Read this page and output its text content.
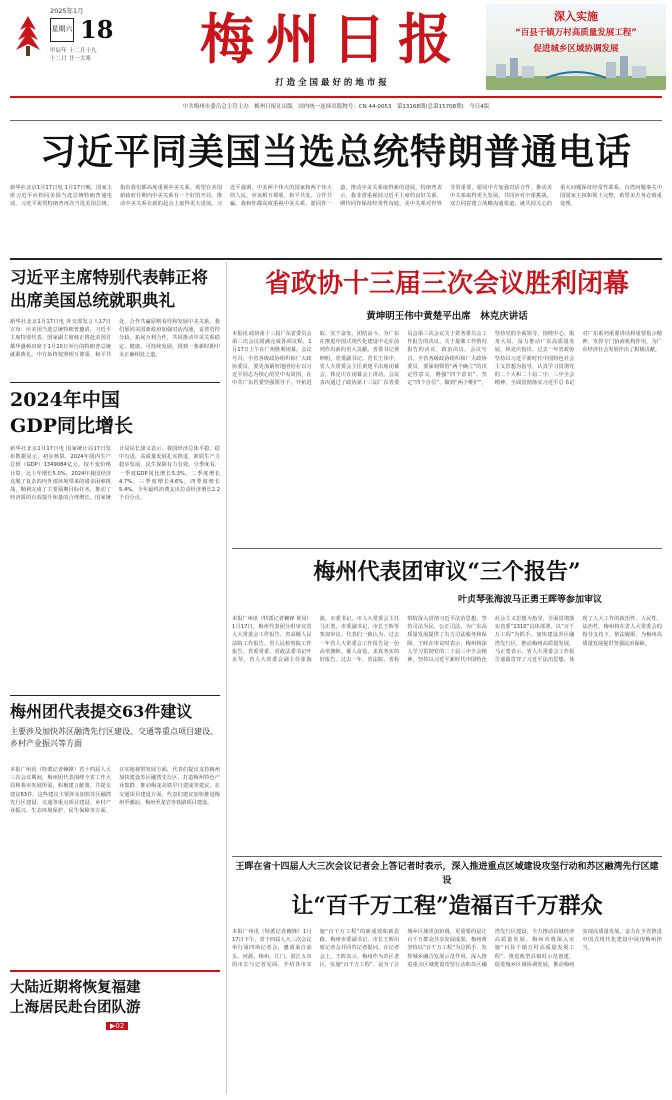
2025年1月
星期六 18
甲辰年 十二月十九
十二月 廿一大寒	梅州日报
打 造 全 国 最 好 的 地 市 报
深入实施
“百县千镇万村高质量发展工程”
促进城乡区域协调发展
中共梅州市委员会主管主办　梅州日报社出版　国内统一连续出版物号：CN 44-0053　第13168期(总第15708期)　今日4版
习近平同美国当选总统特朗普通电话
新华社北京1月17日电 1月17日晚，国家主席习近平应约同美国当选总统特朗普通电话。习近平祝贺特朗普再次当选美国总统。指出我们都高度重视中美关系，希望在美国新政府任期内中美关系有一个好的开局，推动中美关系在新的起点上取得更大进展。习近平强调，中美两个伟大的国家和两个伟大的人民，应该相互尊重、和平共处、合作共赢。我和你都高度重视中美关系，愿同你一道，推动中美关系取得新的进展。特朗普表示，我非常重视同习近平主席的良好关系，期待同你保持经常性沟通，美中关系对世界非常重要，愿同中方加强对话合作，推动美中关系取得更大发展，共同应对全球挑战。双方同意建立战略沟通渠道，就共同关心的重大问题保持经常性联系。台湾问题事关中国国家主权和领土完整，希望美方务必慎重处理。
习近平主席特别代表韩正将出席美国总统就职典礼
新华社北京1月17日电 外交部发言人17日宣布：应美国当选总统特朗普邀请，习近平主席特别代表、国家副主席韩正将赴美国首都华盛顿出席于1月20日举行的特朗普总统就职典礼。中方始终按照相互尊重、和平共处、合作共赢原则看待和发展中美关系。我们愿同美国新政府加强对话沟通，妥善管控分歧，拓展互利合作，共同推动中美关系稳定、健康、可持续发展，找到一条新时期中美正确相处之道。
2024年中国GDP同比增长
新华社北京1月17日电 国家统计局17日发布数据显示，初步核算，2024年国内生产总值（GDP）1349084亿元，按不变价格计算，比上年增长5.0%。2024年我国经济克服了复杂的内外部环境带来的诸多困难挑战，顺利完成了主要预期目标任务，推动了经济质的有效提升和量的合理增长。国家统计局局长康义表示，我国经济总体平稳、稳中有进，高质量发展扎实推进，新质生产力稳步发展，民生保障有力有效。分季度看，一季度GDP同比增长5.3%，二季度增长4.7%，三季度增长4.6%，四季度增长5.4%。全年最终消费支出拉动经济增长2.2个百分点。
梅州团代表提交63件建议
主要涉及加快苏区融湾先行区建设、交通等重点项目建设、乡村产业振兴等方面
本报广州讯（特派记者赖锋）省十四届人大三次会议期间，梅州团代表围绕全省工作大局和我市发展所需，积极建言献策，共提交建议63件。这些建议主要涉及加快苏区融湾先行区建设、交通等重点项目建设、乡村产业振兴、生态环境保护、民生保障等方面。在实地视察发展方面，代表们提出支持梅州加快建设苏区融湾先行区、打造梅州特色产业集群、推动梅龙高铁早日建成等建议。在交通项目建设方面，代表们建议加快推进梅州至潮汕、梅州至龙岩等铁路项目建设。
大陆近期将恢复福建
上海居民赴台团队游
▶02
省政协十三届三次会议胜利闭幕
黄坤明王伟中黄楚平出席　林克庆讲话
本报讯 政协第十三届广东省委员会第三次会议圆满完成各项议程，1月17日上午在广州胜利闭幕。会议号召，全省各级政协组织和广大政协委员，要更加紧密地团结在以习近平同志为核心的党中央周围，在中共广东省委坚强领导下，开拓进取、实干奋发、团结奋斗，为广东在推进中国式现代化建设中走在前列作出新的更大贡献。省委书记黄坤明，省委副书记、省长王伟中，省人大常委会主任黄楚平出席闭幕会。林克庆在闭幕会上讲话。会议表决通过了政协第十三届广东省委员会第三次会议关于常务委员会工作报告的决议、关于提案工作情况报告的决议、政治决议。会议号召，全省各级政协组织和广大政协委员，要深刻领悟“两个确立”的决定性意义，增强“四个意识”、坚定“四个自信”、做到“两个维护”，坚持党的全面领导，围绕中心、服务大局，奋力推动广东高质量发展。林克庆指出，过去一年省政协坚持以习近平新时代中国特色社会主义思想为指导，认真学习贯彻党的二十大和二十届二中、三中全会精神，全面贯彻落实习近平总书记对广东系列重要讲话和重要指示精神，发挥专门协商机构作用，为广东经济社会发展作出了积极贡献。
梅州代表团审议“三个报告”
叶贞琴张海波马正勇王晖等参加审议
本报广州讯（特派记者赖锋 黄凤）1月17日，梅州代表团分组审议省人大常委会工作报告、省高级人民法院工作报告、省人民检察院工作报告。省委常委、省政法委书记叶贞琴，省人大常委会副主任张海波，市委书记、市人大常委会主任马正勇，市委副书记、市长王晖等参加审议。代表们一致认为，过去一年省人大常委会工作报告是一份高举旗帜、催人奋进、求真务实的好报告。过去一年，省法院、省检察院深入贯彻习近平法治思想，坚持司法为民、公正司法，为广东高质量发展提供了有力司法服务和保障。王晖在审议时表示，梅州将深入学习贯彻党的二十届三中全会精神，坚持以习近平新时代中国特色社会主义思想为指导，全面贯彻落实省委“1310”具体部署，以“百千万工程”为抓手，加快建设苏区融湾先行区，推动梅州高质量发展。马正勇表示，省人大常委会工作报告通篇贯穿了习近平法治思想，体现了人大工作的政治性、人民性、法治性，梅州将在省人大常委会的指导支持下，依法履职，为梅州高质量发展提供坚强法治保障。
王晖在省十四届人大三次会议记者会上答记者时表示，深入推进重点区域建设攻坚行动和苏区融湾先行区建设
让“百千万工程”造福百千万群众
本报广州讯（特派记者赖锋）1月17日下午，省十四届人大三次会议举行第四场记者会，邀请来自汕头、河源、梅州、江门、湛江五市的市长与记者见面，介绍各市实施“百千万工程”的新成效和新思路。梅州市委副书记、市长王晖出席记者会并回答记者提问。在记者会上，王晖表示，梅州作为苏区老区，实施“百千万工程”，是为了让城乡区域更加协调，更重要的是让百千万群众共享发展成果。梅州将坚持以“百千万工程”为总抓手，发挥城乡融合发展示范作用，深入推进重点区域建设攻坚行动和苏区融湾先行区建设，全力推动县域经济高质量发展。梅州市将深入实施“百县千镇万村高质量发展工程”，推进典型县镇村示范创建，促进城乡区域协调发展，推动梅州实现高质量发展，奋力在全省推进中国式现代化建设中展现梅州担当。
